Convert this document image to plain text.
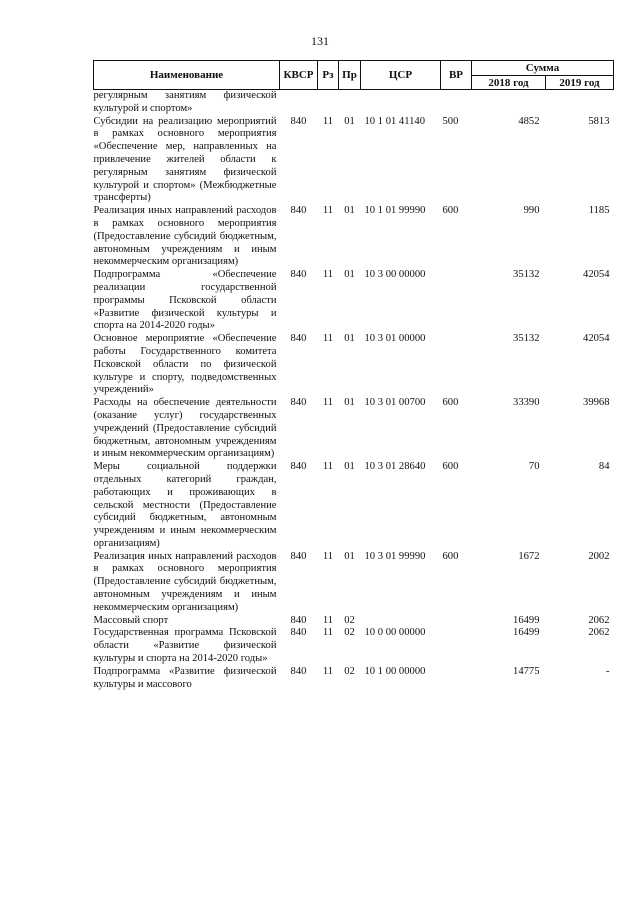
131
Наименование	КВСР	Рз	Пр	ЦСР	ВР	Сумма	
						2018 год	2019 год
регулярным занятиям физической культурой и спортом»							
Субсидии на реализацию мероприятий в рамках основного мероприятия «Обеспечение мер, направленных на привлечение жителей области к регулярным занятиям физической культурой и спортом» (Межбюджетные трансферты)	840	11	01	10 1 01 41140	500	4852	5813
Реализация иных направлений расходов в рамках основного мероприятия (Предоставление субсидий бюджетным, автономным учреждениям и иным некоммерческим организациям)	840	11	01	10 1 01 99990	600	990	1185
Подпрограмма «Обеспечение реализации государственной программы Псковской области «Развитие физической культуры и спорта на 2014-2020 годы»	840	11	01	10 3 00 00000		35132	42054
Основное мероприятие «Обеспечение работы Государственного комитета Псковской области по физической культуре и спорту, подведомственных учреждений»	840	11	01	10 3 01 00000		35132	42054
Расходы на обеспечение деятельности (оказание услуг) государственных учреждений (Предоставление субсидий бюджетным, автономным учреждениям и иным некоммерческим организациям)	840	11	01	10 3 01 00700	600	33390	39968
Меры социальной поддержки отдельных категорий граждан, работающих и проживающих в сельской местности (Предоставление субсидий бюджетным, автономным учреждениям и иным некоммерческим организациям)	840	11	01	10 3 01 28640	600	70	84
Реализация иных направлений расходов в рамках основного мероприятия (Предоставление субсидий бюджетным, автономным учреждениям и иным некоммерческим организациям)	840	11	01	10 3 01 99990	600	1672	2002
Массовый спорт	840	11	02			16499	2062
Государственная программа Псковской области «Развитие физической культуры и спорта на 2014-2020 годы»	840	11	02	10 0 00 00000		16499	2062
Подпрограмма «Развитие физической культуры и массового	840	11	02	10 1 00 00000		14775	-
